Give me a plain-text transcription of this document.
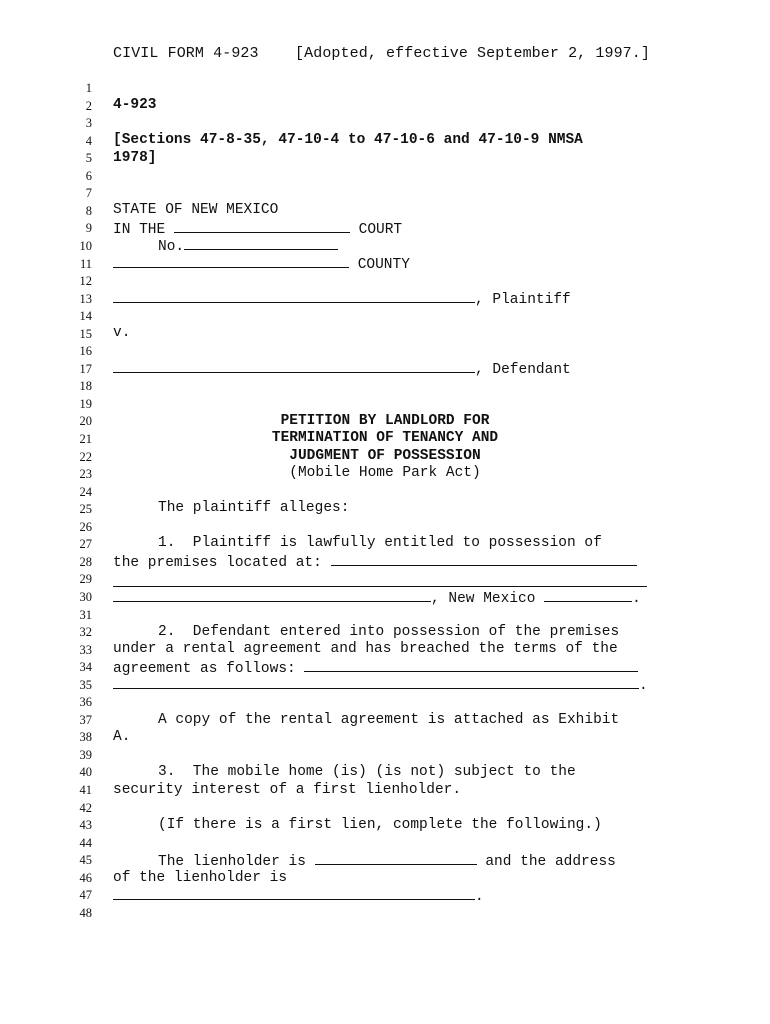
CIVIL FORM 4-923 [Adopted, effective September 2, 1997.]
1
2
3
4
5
6
7
8
9
10
11
12
13
14
15
16
17
18
19
20
21
22
23
24
25
26
27
28
29
30
31
32
33
34
35
36
37
38
39
40
41
42
43
44
45
46
47
48
4-923
[Sections 47-8-35, 47-10-4 to 47-10-6 and 47-10-9 NMSA
1978]
STATE OF NEW MEXICO
IN THE	COURT
No.
COUNTY
, Plaintiff
v.
, Defendant
PETITION BY LANDLORD FOR
TERMINATION OF TENANCY AND
JUDGMENT OF POSSESSION
(Mobile Home Park Act)
The plaintiff alleges:
1.  Plaintiff is lawfully entitled to possession of
the premises located at:
, New Mexico	.
2.  Defendant entered into possession of the premises
under a rental agreement and has breached the terms of the
agreement as follows:
.
A copy of the rental agreement is attached as Exhibit
A.
3.  The mobile home (is) (is not) subject to the
security interest of a first lienholder.
(If there is a first lien, complete the following.)
The lienholder is	and the address
of the lienholder is
.
